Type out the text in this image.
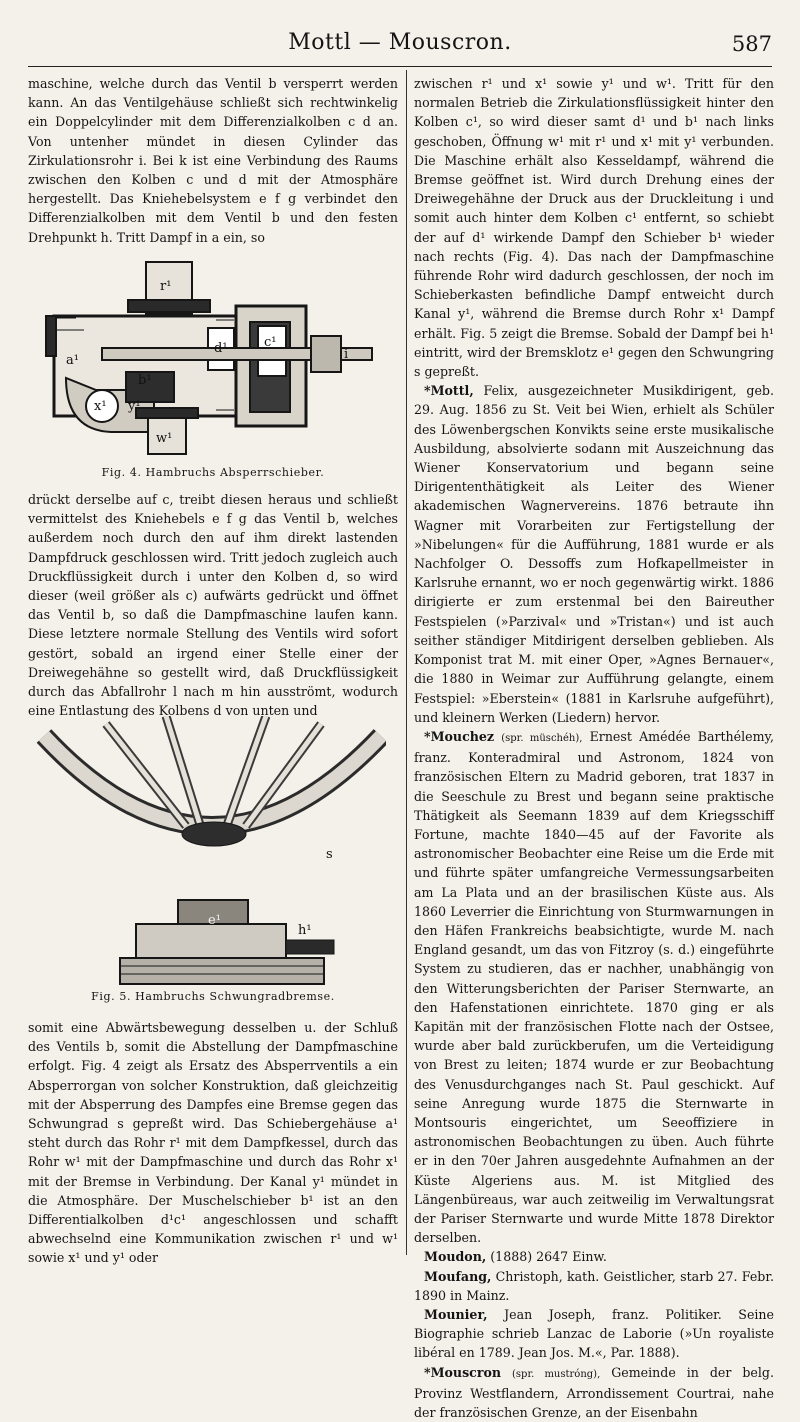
Mottl — Mouscron.	587

maschine, welche durch das Ventil b versperrt werden kann. An das Ventilgehäuse schließt sich rechtwinkelig ein Doppelcylinder mit dem Differenzialkolben c d an. Von untenher mündet in diesen Cylinder das Zirkulationsrohr i. Bei k ist eine Verbindung des Raums zwischen den Kolben c und d mit der Atmosphäre hergestellt. Das Kniehebelsystem e f g verbindet den Differenzialkolben mit dem Ventil b und den festen Drehpunkt h. Tritt Dampf in a ein, so

r¹
a¹
d¹	c¹
i
b¹
x¹ y¹
w¹
Fig. 4. Hambruchs Absperrschieber.

drückt derselbe auf c, treibt diesen heraus und schließt vermittelst des Kniehebels e f g das Ventil b, welches außerdem noch durch den auf ihm direkt lastenden Dampfdruck geschlossen wird. Tritt jedoch zugleich auch Druckflüssigkeit durch i unter den Kolben d, so wird dieser (weil größer als c) aufwärts gedrückt und öffnet das Ventil b, so daß die Dampfmaschine laufen kann. Diese letztere normale Stellung des Ventils wird sofort gestört, sobald an irgend einer Stelle einer der Dreiwegehähne so gestellt wird, daß Druckflüssigkeit durch das Abfallrohr l nach m hin ausströmt, wodurch eine Entlastung des Kolbens d von unten und

s
e¹
h¹
Fig. 5. Hambruchs Schwungradbremse.

somit eine Abwärtsbewegung desselben u. der Schluß des Ventils b, somit die Abstellung der Dampfmaschine erfolgt. Fig. 4 zeigt als Ersatz des Absperrventils a ein Absperrorgan von solcher Konstruktion, daß gleichzeitig mit der Absperrung des Dampfes eine Bremse gegen das Schwungrad s gepreßt wird. Das Schiebergehäuse a¹ steht durch das Rohr r¹ mit dem Dampfkessel, durch das Rohr w¹ mit der Dampfmaschine und durch das Rohr x¹ mit der Bremse in Verbindung. Der Kanal y¹ mündet in die Atmosphäre. Der Muschelschieber b¹ ist an den Differentialkolben d¹c¹ angeschlossen und schafft abwechselnd eine Kommunikation zwischen r¹ und w¹ sowie x¹ und y¹ oder

zwischen r¹ und x¹ sowie y¹ und w¹. Tritt für den normalen Betrieb die Zirkulationsflüssigkeit hinter den Kolben c¹, so wird dieser samt d¹ und b¹ nach links geschoben, Öffnung w¹ mit r¹ und x¹ mit y¹ verbunden. Die Maschine erhält also Kesseldampf, während die Bremse geöffnet ist. Wird durch Drehung eines der Dreiwegehähne der Druck aus der Druckleitung i und somit auch hinter dem Kolben c¹ entfernt, so schiebt der auf d¹ wirkende Dampf den Schieber b¹ wieder nach rechts (Fig. 4). Das nach der Dampfmaschine führende Rohr wird dadurch geschlossen, der noch im Schieberkasten befindliche Dampf entweicht durch Kanal y¹, während die Bremse durch Rohr x¹ Dampf erhält. Fig. 5 zeigt die Bremse. Sobald der Dampf bei h¹ eintritt, wird der Bremsklotz e¹ gegen den Schwungring s gepreßt.

*Mottl, Felix, ausgezeichneter Musikdirigent, geb. 29. Aug. 1856 zu St. Veit bei Wien, erhielt als Schüler des Löwenbergschen Konvikts seine erste musikalische Ausbildung, absolvierte sodann mit Auszeichnung das Wiener Konservatorium und begann seine Dirigententhätigkeit als Leiter des Wiener akademischen Wagnervereins. 1876 betraute ihn Wagner mit Vorarbeiten zur Fertigstellung der »Nibelungen« für die Aufführung, 1881 wurde er als Nachfolger O. Dessoffs zum Hofkapellmeister in Karlsruhe ernannt, wo er noch gegenwärtig wirkt. 1886 dirigierte er zum erstenmal bei den Baireuther Festspielen (»Parzival« und »Tristan«) und ist auch seither ständiger Mitdirigent derselben geblieben. Als Komponist trat M. mit einer Oper, »Agnes Bernauer«, die 1880 in Weimar zur Aufführung gelangte, einem Festspiel: »Eberstein« (1881 in Karlsruhe aufgeführt), und kleinern Werken (Liedern) hervor.

*Mouchez (spr. müschéh), Ernest Amédée Barthélemy, franz. Konteradmiral und Astronom, 1824 von französischen Eltern zu Madrid geboren, trat 1837 in die Seeschule zu Brest und begann seine praktische Thätigkeit als Seemann 1839 auf dem Kriegsschiff Fortune, machte 1840—45 auf der Favorite als astronomischer Beobachter eine Reise um die Erde mit und führte später umfangreiche Vermessungsarbeiten am La Plata und an der brasilischen Küste aus. Als 1860 Leverrier die Einrichtung von Sturmwarnungen in den Häfen Frankreichs beabsichtigte, wurde M. nach England gesandt, um das von Fitzroy (s. d.) eingeführte System zu studieren, das er nachher, unabhängig von den Witterungsberichten der Pariser Sternwarte, an den Hafenstationen einrichtete. 1870 ging er als Kapitän mit der französischen Flotte nach der Ostsee, wurde aber bald zurückberufen, um die Verteidigung von Brest zu leiten; 1874 wurde er zur Beobachtung des Venusdurchganges nach St. Paul geschickt. Auf seine Anregung wurde 1875 die Sternwarte in Montsouris eingerichtet, um Seeoffiziere in astronomischen Beobachtungen zu üben. Auch führte er in den 70er Jahren ausgedehnte Aufnahmen an der Küste Algeriens aus. M. ist Mitglied des Längenbüreaus, war auch zeitweilig im Verwaltungsrat der Pariser Sternwarte und wurde Mitte 1878 Direktor derselben.

Moudon, (1888) 2647 Einw.

Moufang, Christoph, kath. Geistlicher, starb 27. Febr. 1890 in Mainz.

Mounier, Jean Joseph, franz. Politiker. Seine Biographie schrieb Lanzac de Laborie (»Un royaliste libéral en 1789. Jean Jos. M.«, Par. 1888).

*Mouscron (spr. mustróng), Gemeinde in der belg. Provinz Westflandern, Arrondissement Courtrai, nahe der französischen Grenze, an der Eisenbahn
